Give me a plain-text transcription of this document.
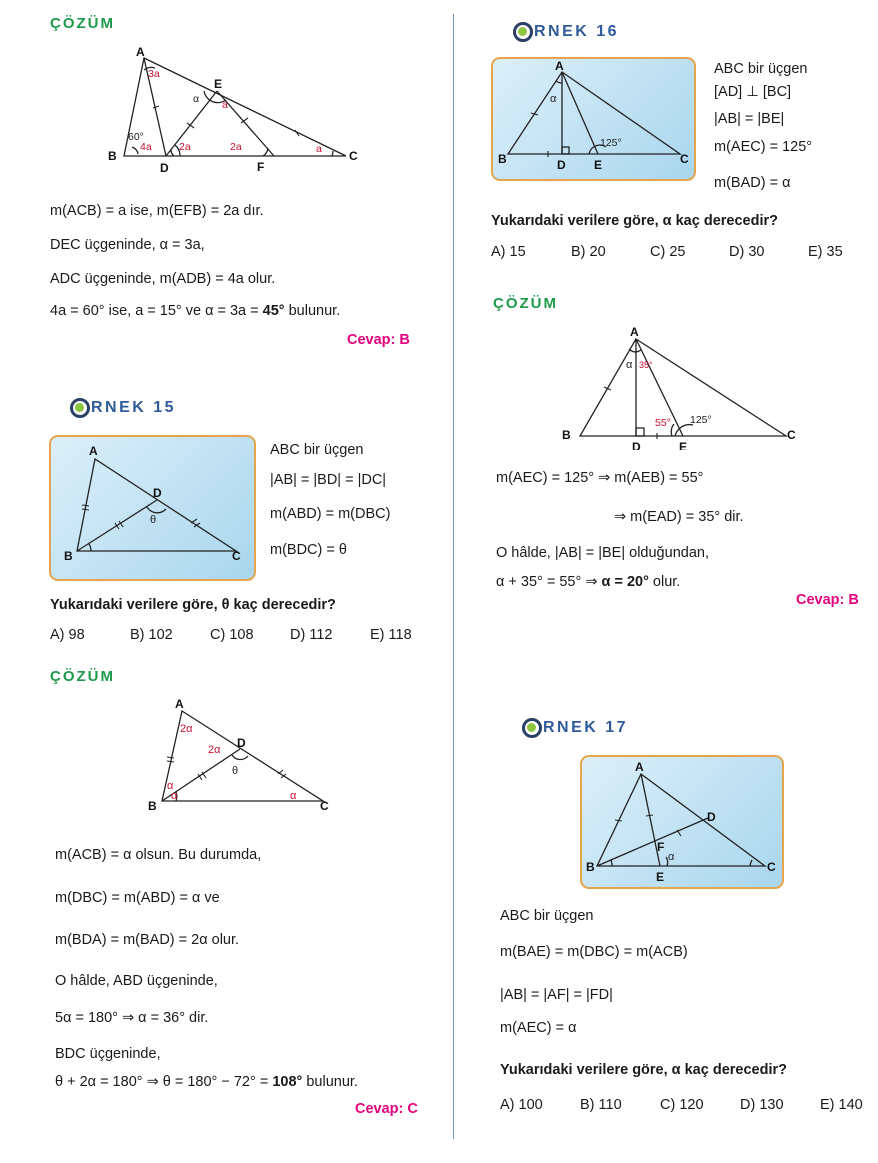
ÇÖZÜM
A
B	C
D
E
F
3a
α a
60°
4a	2a	2a	a
m(ACB) = a ise, m(EFB) = 2a dır.
DEC üçgeninde, α = 3a,
ADC üçgeninde, m(ADB) = 4a olur.
4a = 60° ise, a = 15° ve α = 3a = 45° bulunur.
Cevap: B
RNEK 15
A
B	C
D
θ
ABC bir üçgen
|AB| = |BD| = |DC|
m(ABD) = m(DBC)
m(BDC) = θ
Yukarıdaki verilere göre, θ kaç derecedir?
A) 98	B) 102	C) 108	D) 112	E) 118
ÇÖZÜM
A
B	C
D
2α
2α
α
α	α
θ
m(ACB) = α olsun. Bu durumda,
m(DBC) = m(ABD) = α ve
m(BDA) = m(BAD) = 2α olur.
O hâlde, ABD üçgeninde,
5α = 180° ⇒ α = 36° dir.
BDC üçgeninde,
θ + 2α = 180° ⇒ θ = 180° − 72° = 108° bulunur.
Cevap: C
RNEK 16
A
B	C
D E
α
125°
ABC bir üçgen
[AD] ⊥ [BC]
|AB| = |BE|
m(AEC) = 125°
m(BAD) = α
Yukarıdaki verilere göre, α kaç derecedir?
A) 15	B) 20	C) 25	D) 30	E) 35
ÇÖZÜM
A
B	C
D	E
α 35°
55° 125°
m(AEC) = 125° ⇒ m(AEB) = 55°
⇒ m(EAD) = 35° dir.
O hâlde, |AB| = |BE| olduğundan,
α + 35° = 55° ⇒ α = 20° olur.
Cevap: B
RNEK 17
A
B	C
D
E
F
α
ABC bir üçgen
m(BAE) = m(DBC) = m(ACB)
|AB| = |AF| = |FD|
m(AEC) = α
Yukarıdaki verilere göre, α kaç derecedir?
A) 100	B) 110	C) 120	D) 130	E) 140
